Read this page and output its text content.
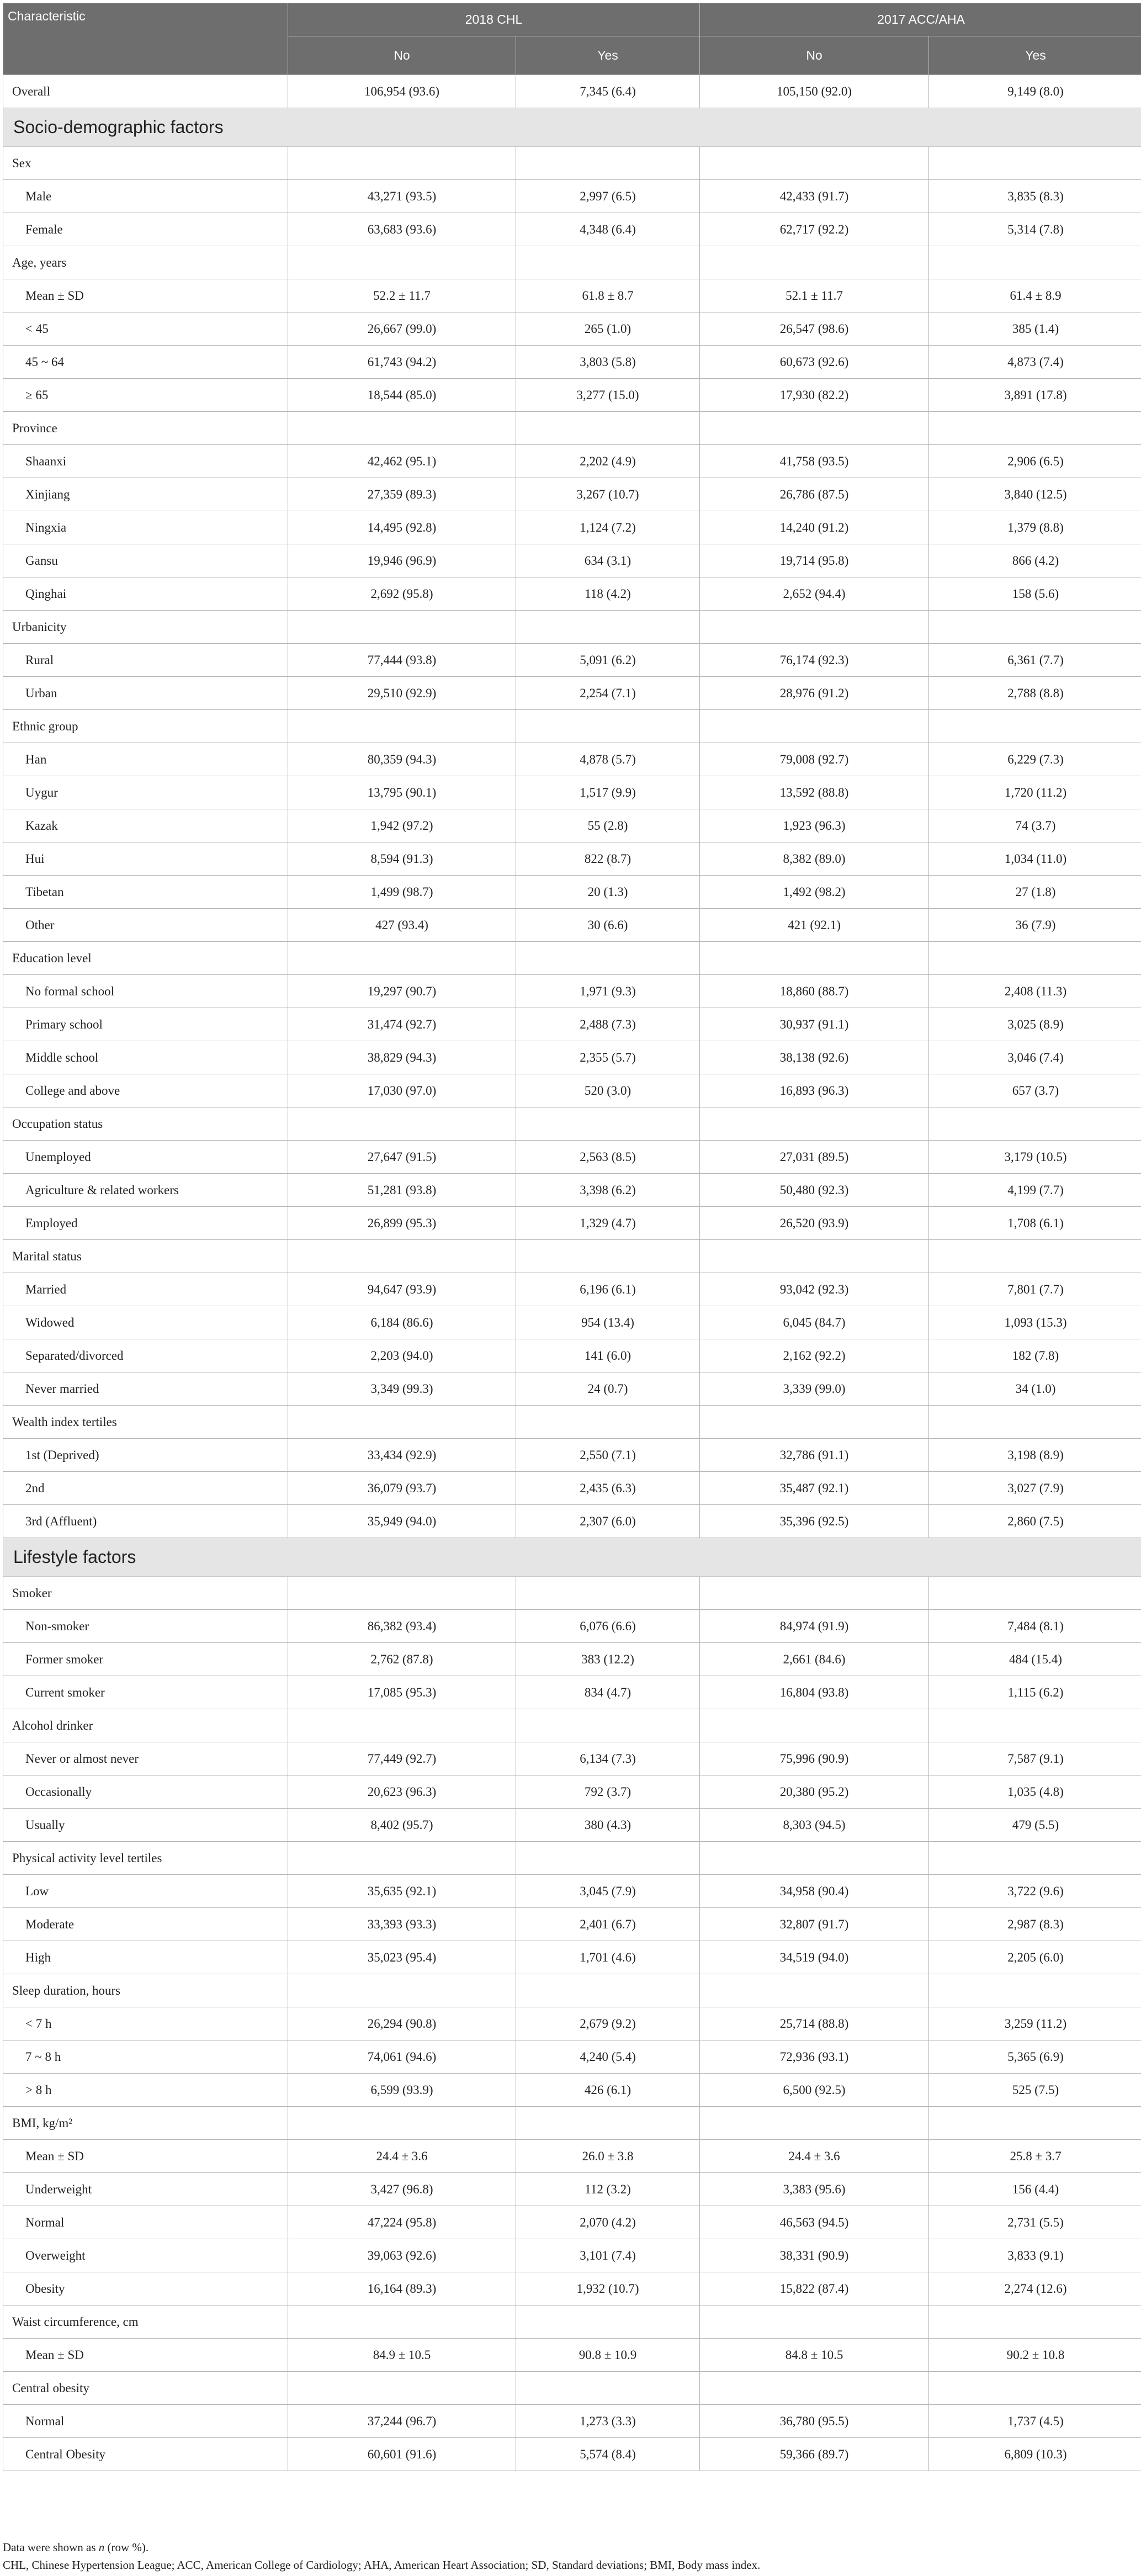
Characteristic	2018 CHL		2017 ACC/AHA	
	No	Yes	No	Yes
Overall	106,954 (93.6)	7,345 (6.4)	105,150 (92.0)	9,149 (8.0)
Socio-demographic factors				
Sex				
Male	43,271 (93.5)	2,997 (6.5)	42,433 (91.7)	3,835 (8.3)
Female	63,683 (93.6)	4,348 (6.4)	62,717 (92.2)	5,314 (7.8)
Age, years				
Mean ± SD	52.2 ± 11.7	61.8 ± 8.7	52.1 ± 11.7	61.4 ± 8.9
< 45	26,667 (99.0)	265 (1.0)	26,547 (98.6)	385 (1.4)
45 ~ 64	61,743 (94.2)	3,803 (5.8)	60,673 (92.6)	4,873 (7.4)
≥ 65	18,544 (85.0)	3,277 (15.0)	17,930 (82.2)	3,891 (17.8)
Province				
Shaanxi	42,462 (95.1)	2,202 (4.9)	41,758 (93.5)	2,906 (6.5)
Xinjiang	27,359 (89.3)	3,267 (10.7)	26,786 (87.5)	3,840 (12.5)
Ningxia	14,495 (92.8)	1,124 (7.2)	14,240 (91.2)	1,379 (8.8)
Gansu	19,946 (96.9)	634 (3.1)	19,714 (95.8)	866 (4.2)
Qinghai	2,692 (95.8)	118 (4.2)	2,652 (94.4)	158 (5.6)
Urbanicity				
Rural	77,444 (93.8)	5,091 (6.2)	76,174 (92.3)	6,361 (7.7)
Urban	29,510 (92.9)	2,254 (7.1)	28,976 (91.2)	2,788 (8.8)
Ethnic group				
Han	80,359 (94.3)	4,878 (5.7)	79,008 (92.7)	6,229 (7.3)
Uygur	13,795 (90.1)	1,517 (9.9)	13,592 (88.8)	1,720 (11.2)
Kazak	1,942 (97.2)	55 (2.8)	1,923 (96.3)	74 (3.7)
Hui	8,594 (91.3)	822 (8.7)	8,382 (89.0)	1,034 (11.0)
Tibetan	1,499 (98.7)	20 (1.3)	1,492 (98.2)	27 (1.8)
Other	427 (93.4)	30 (6.6)	421 (92.1)	36 (7.9)
Education level				
No formal school	19,297 (90.7)	1,971 (9.3)	18,860 (88.7)	2,408 (11.3)
Primary school	31,474 (92.7)	2,488 (7.3)	30,937 (91.1)	3,025 (8.9)
Middle school	38,829 (94.3)	2,355 (5.7)	38,138 (92.6)	3,046 (7.4)
College and above	17,030 (97.0)	520 (3.0)	16,893 (96.3)	657 (3.7)
Occupation status				
Unemployed	27,647 (91.5)	2,563 (8.5)	27,031 (89.5)	3,179 (10.5)
Agriculture & related workers	51,281 (93.8)	3,398 (6.2)	50,480 (92.3)	4,199 (7.7)
Employed	26,899 (95.3)	1,329 (4.7)	26,520 (93.9)	1,708 (6.1)
Marital status				
Married	94,647 (93.9)	6,196 (6.1)	93,042 (92.3)	7,801 (7.7)
Widowed	6,184 (86.6)	954 (13.4)	6,045 (84.7)	1,093 (15.3)
Separated/divorced	2,203 (94.0)	141 (6.0)	2,162 (92.2)	182 (7.8)
Never married	3,349 (99.3)	24 (0.7)	3,339 (99.0)	34 (1.0)
Wealth index tertiles				
1st (Deprived)	33,434 (92.9)	2,550 (7.1)	32,786 (91.1)	3,198 (8.9)
2nd	36,079 (93.7)	2,435 (6.3)	35,487 (92.1)	3,027 (7.9)
3rd (Affluent)	35,949 (94.0)	2,307 (6.0)	35,396 (92.5)	2,860 (7.5)
Lifestyle factors				
Smoker				
Non-smoker	86,382 (93.4)	6,076 (6.6)	84,974 (91.9)	7,484 (8.1)
Former smoker	2,762 (87.8)	383 (12.2)	2,661 (84.6)	484 (15.4)
Current smoker	17,085 (95.3)	834 (4.7)	16,804 (93.8)	1,115 (6.2)
Alcohol drinker				
Never or almost never	77,449 (92.7)	6,134 (7.3)	75,996 (90.9)	7,587 (9.1)
Occasionally	20,623 (96.3)	792 (3.7)	20,380 (95.2)	1,035 (4.8)
Usually	8,402 (95.7)	380 (4.3)	8,303 (94.5)	479 (5.5)
Physical activity level tertiles				
Low	35,635 (92.1)	3,045 (7.9)	34,958 (90.4)	3,722 (9.6)
Moderate	33,393 (93.3)	2,401 (6.7)	32,807 (91.7)	2,987 (8.3)
High	35,023 (95.4)	1,701 (4.6)	34,519 (94.0)	2,205 (6.0)
Sleep duration, hours				
< 7 h	26,294 (90.8)	2,679 (9.2)	25,714 (88.8)	3,259 (11.2)
7 ~ 8 h	74,061 (94.6)	4,240 (5.4)	72,936 (93.1)	5,365 (6.9)
> 8 h	6,599 (93.9)	426 (6.1)	6,500 (92.5)	525 (7.5)
BMI, kg/m²				
Mean ± SD	24.4 ± 3.6	26.0 ± 3.8	24.4 ± 3.6	25.8 ± 3.7
Underweight	3,427 (96.8)	112 (3.2)	3,383 (95.6)	156 (4.4)
Normal	47,224 (95.8)	2,070 (4.2)	46,563 (94.5)	2,731 (5.5)
Overweight	39,063 (92.6)	3,101 (7.4)	38,331 (90.9)	3,833 (9.1)
Obesity	16,164 (89.3)	1,932 (10.7)	15,822 (87.4)	2,274 (12.6)
Waist circumference, cm				
Mean ± SD	84.9 ± 10.5	90.8 ± 10.9	84.8 ± 10.5	90.2 ± 10.8
Central obesity				
Normal	37,244 (96.7)	1,273 (3.3)	36,780 (95.5)	1,737 (4.5)
Central Obesity	60,601 (91.6)	5,574 (8.4)	59,366 (89.7)	6,809 (10.3)
Data were shown as n (row %).
CHL, Chinese Hypertension League; ACC, American College of Cardiology; AHA, American Heart Association; SD, Standard deviations; BMI, Body mass index.
